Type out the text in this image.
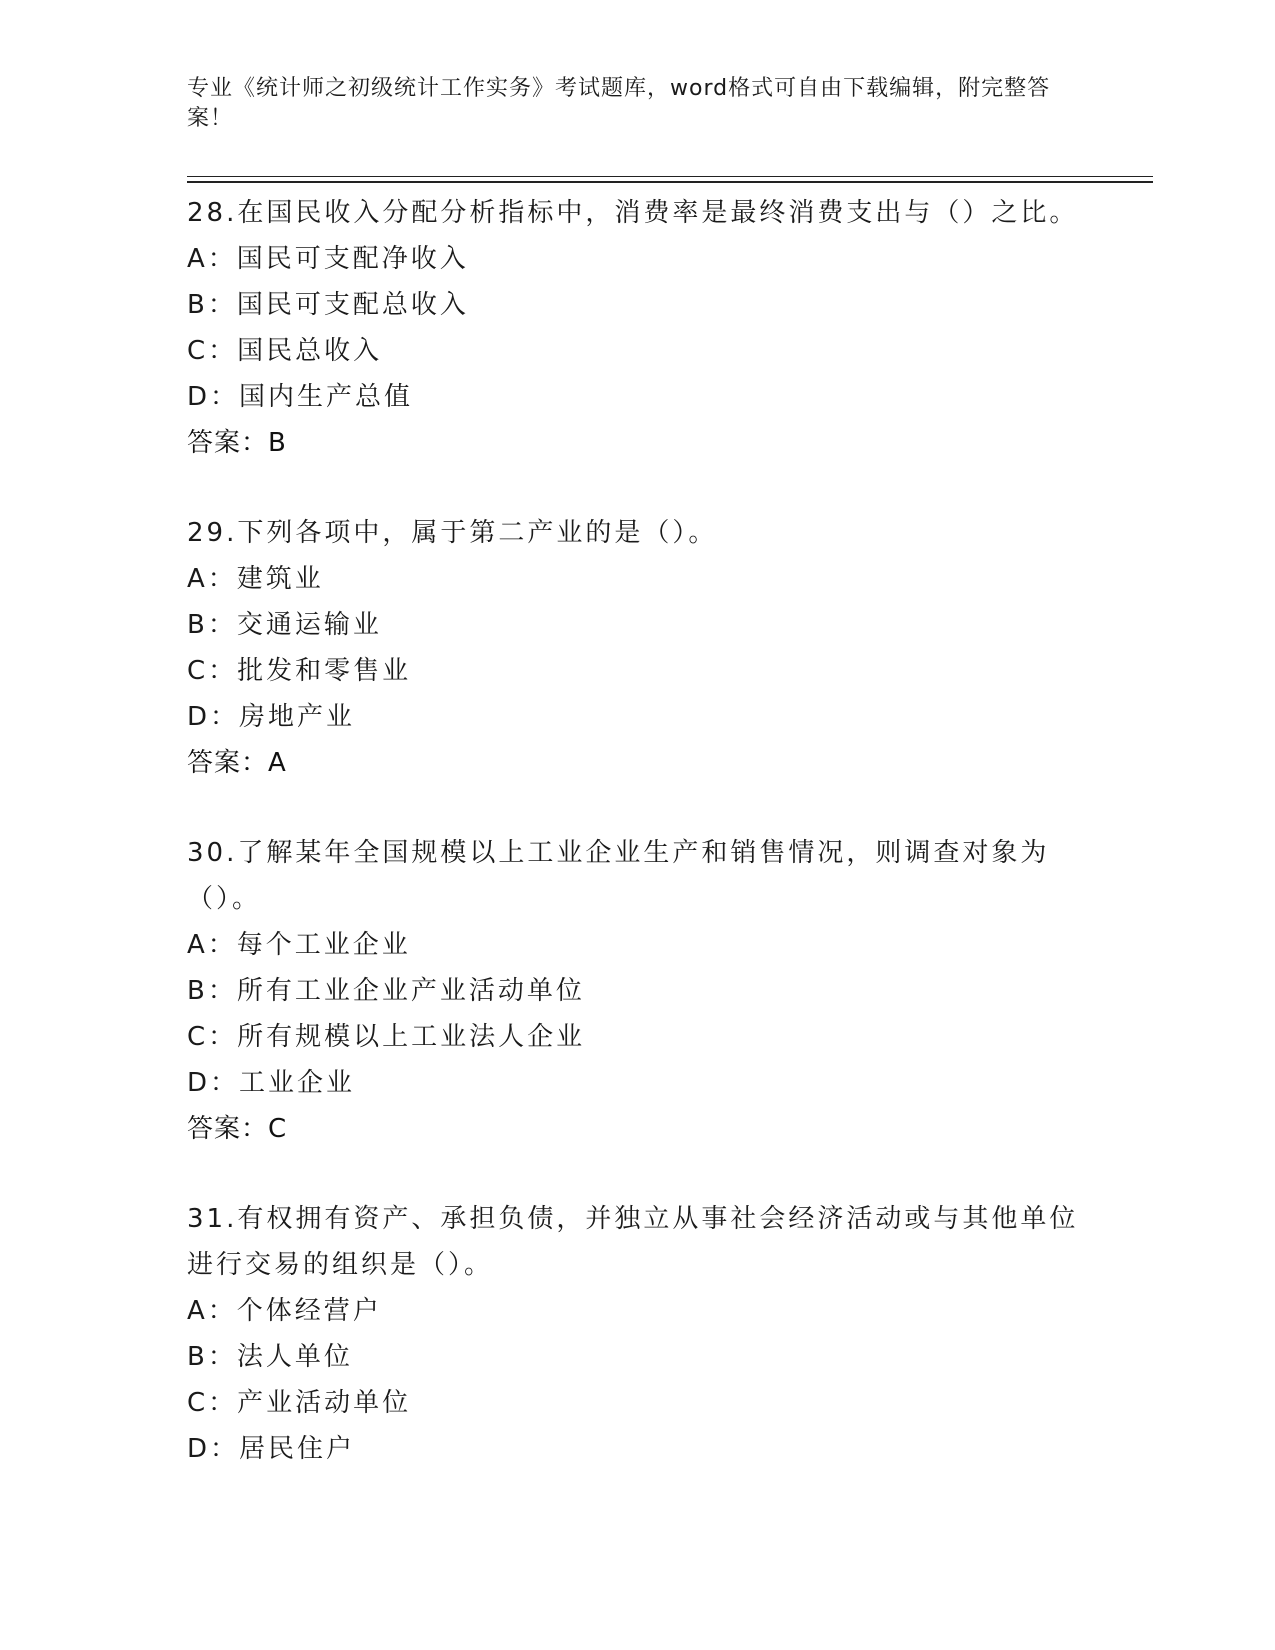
专业《统计师之初级统计工作实务》考试题库，word格式可自由下载编辑，附完整答案！
28.在国民收入分配分析指标中，消费率是最终消费支出与（）之比。
A：国民可支配净收入
B：国民可支配总收入
C：国民总收入
D：国内生产总值
答案：B
29.下列各项中，属于第二产业的是（）。
A：建筑业
B：交通运输业
C：批发和零售业
D：房地产业
答案：A
30.了解某年全国规模以上工业企业生产和销售情况，则调查对象为（）。
A：每个工业企业
B：所有工业企业产业活动单位
C：所有规模以上工业法人企业
D：工业企业
答案：C
31.有权拥有资产、承担负债，并独立从事社会经济活动或与其他单位进行交易的组织是（）。
A：个体经营户
B：法人单位
C：产业活动单位
D：居民住户
